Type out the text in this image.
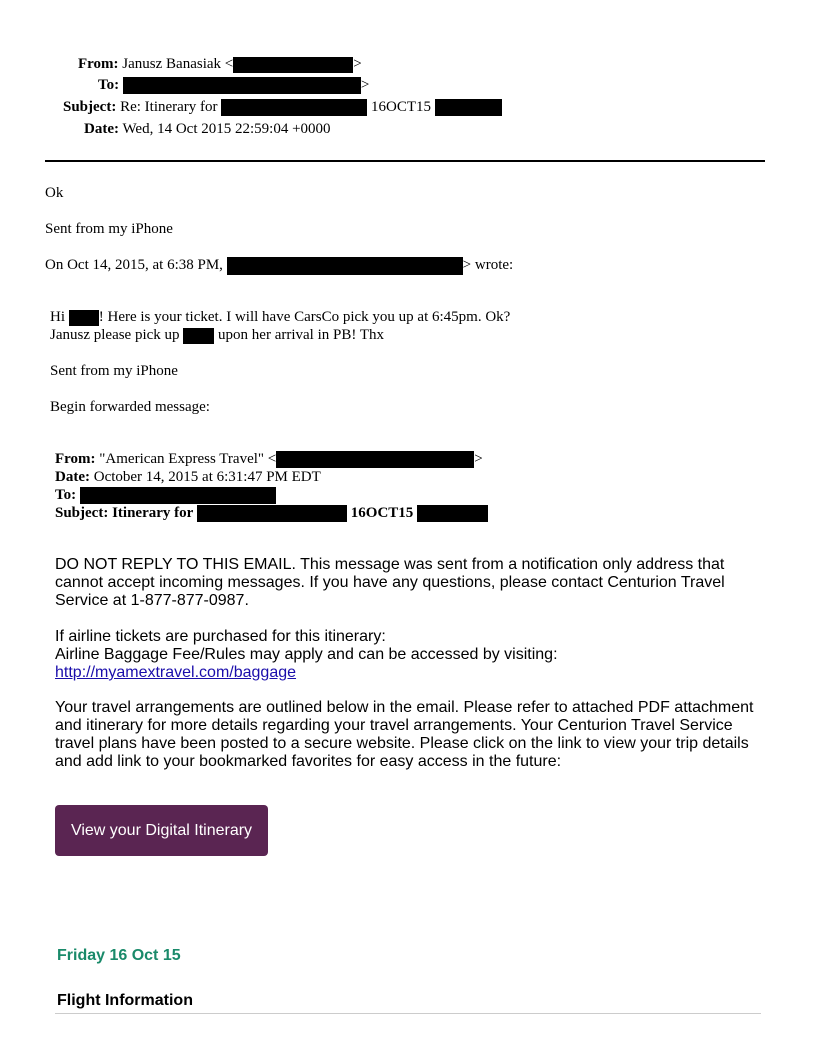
From: Janusz Banasiak <	>
To:	>
Subject: Re: Itinerary for	16OCT15
Date: Wed, 14 Oct 2015 22:59:04 +0000
Ok
Sent from my iPhone
On Oct 14, 2015, at 6:38 PM,	> wrote:
Hi ! Here is your ticket. I will have CarsCo pick you up at 6:45pm. Ok?
Janusz please pick up	upon her arrival in PB! Thx
Sent from my iPhone
Begin forwarded message:
From: "American Express Travel" <	>
Date: October 14, 2015 at 6:31:47 PM EDT
To:
Subject: Itinerary for	16OCT15
DO NOT REPLY TO THIS EMAIL. This message was sent from a notification only address that cannot accept incoming messages. If you have any questions, please contact Centurion Travel Service at 1-877-877-0987.
If airline tickets are purchased for this itinerary:
Airline Baggage Fee/Rules may apply and can be accessed by visiting:
http://myamextravel.com/baggage
Your travel arrangements are outlined below in the email. Please refer to attached PDF attachment and itinerary for more details regarding your travel arrangements. Your Centurion Travel Service travel plans have been posted to a secure website. Please click on the link to view your trip details and add link to your bookmarked favorites for easy access in the future:
View your Digital Itinerary
Friday 16 Oct 15
Flight Information
